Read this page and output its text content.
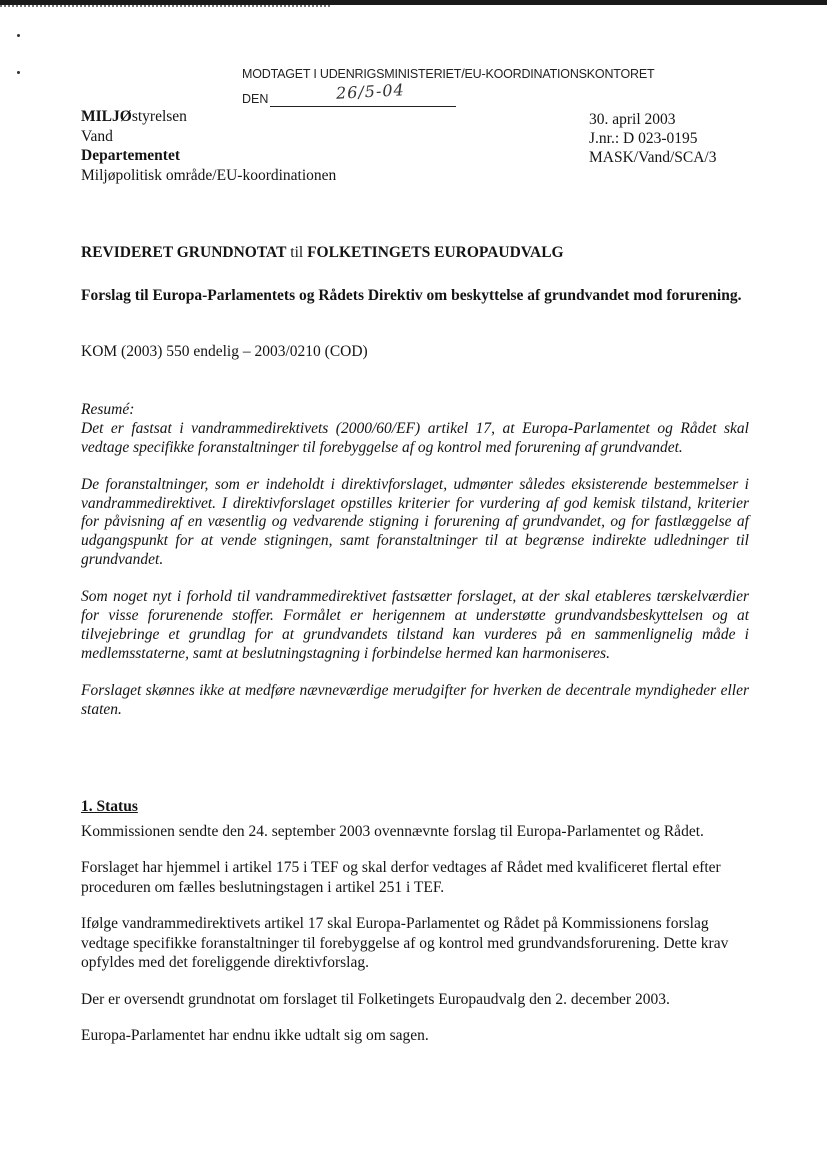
MODTAGET I UDENRIGSMINISTERIET/EU-KOORDINATIONSKONTORET
DEN	26/5-04
MILJØstyrelsen
Vand
Departementet
Miljøpolitisk område/EU-koordinationen
30. april 2003
J.nr.: D 023-0195
MASK/Vand/SCA/3
REVIDERET GRUNDNOTAT til FOLKETINGETS EUROPAUDVALG
Forslag til Europa-Parlamentets og Rådets Direktiv om beskyttelse af grundvandet mod forurening.
KOM (2003) 550 endelig – 2003/0210 (COD)

Resumé:

Det er fastsat i vandrammedirektivets (2000/60/EF) artikel 17, at Europa-Parlamentet og Rådet skal vedtage specifikke foranstaltninger til forebyggelse af og kontrol med forurening af grundvandet.

De foranstaltninger, som er indeholdt i direktivforslaget, udmønter således eksisterende bestemmelser i vandrammedirektivet. I direktivforslaget opstilles kriterier for vurdering af god kemisk tilstand, kriterier for påvisning af en væsentlig og vedvarende stigning i forurening af grundvandet, og for fastlæggelse af udgangspunkt for at vende stigningen, samt foranstaltninger til at begrænse indirekte udledninger til grundvandet.

Som noget nyt i forhold til vandrammedirektivet fastsætter forslaget, at der skal etableres tærskelværdier for visse forurenende stoffer. Formålet er herigennem at understøtte grundvandsbeskyttelsen og at tilvejebringe et grundlag for at grundvandets tilstand kan vurderes på en sammenlignelig måde i medlemsstaterne, samt at beslutningstagning i forbindelse hermed kan harmoniseres.

Forslaget skønnes ikke at medføre nævneværdige merudgifter for hverken de decentrale myndigheder eller staten.

1. Status

Kommissionen sendte den 24. september 2003 ovennævnte forslag til Europa-Parlamentet og Rådet.

Forslaget har hjemmel i artikel 175 i TEF og skal derfor vedtages af Rådet med kvalificeret flertal efter proceduren om fælles beslutningstagen i artikel 251 i TEF.

Ifølge vandrammedirektivets artikel 17 skal Europa-Parlamentet og Rådet på Kommissionens forslag vedtage specifikke foranstaltninger til forebyggelse af og kontrol med grundvandsforurening. Dette krav opfyldes med det foreliggende direktivforslag.

Der er oversendt grundnotat om forslaget til Folketingets Europaudvalg den 2. december 2003.

Europa-Parlamentet har endnu ikke udtalt sig om sagen.
